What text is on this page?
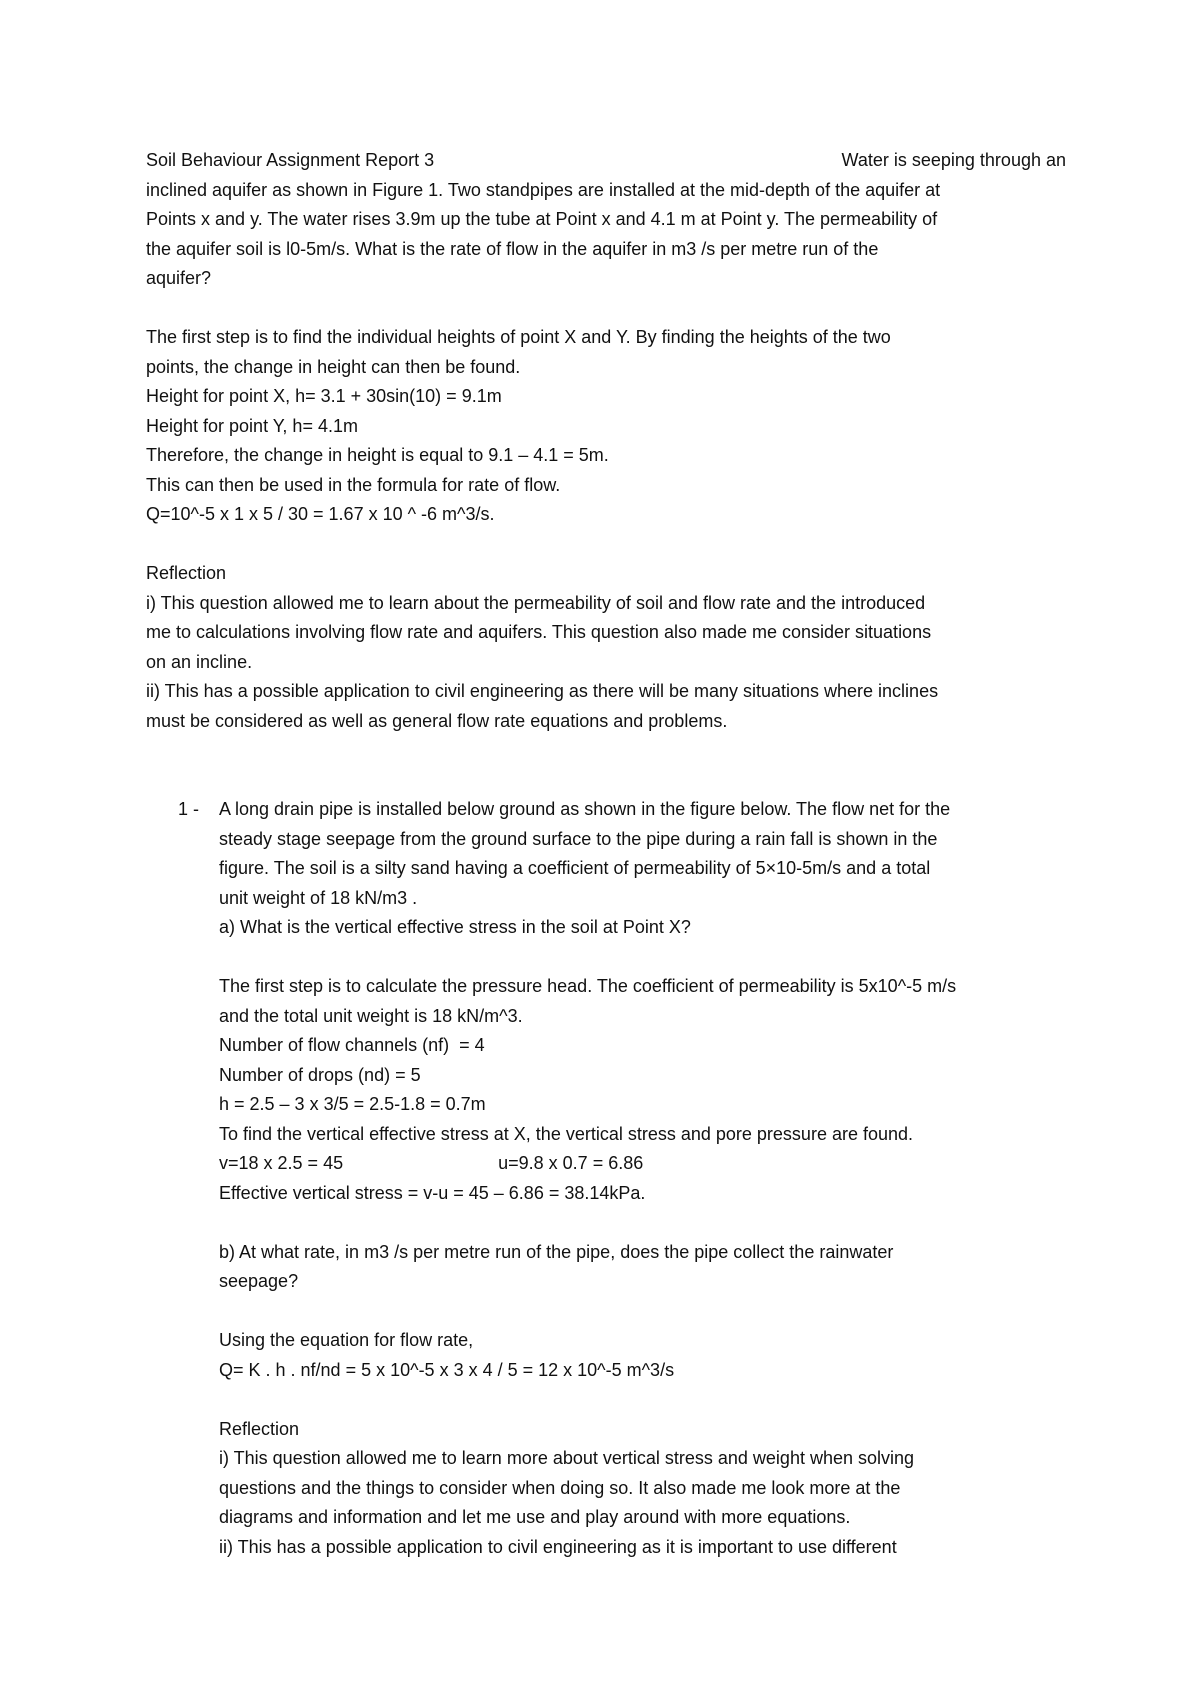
Soil Behaviour Assignment Report 3	Water is seeping through an
inclined aquifer as shown in Figure 1. Two standpipes are installed at the mid-depth of the aquifer at
Points x and y. The water rises 3.9m up the tube at Point x and 4.1 m at Point y. The permeability of
the aquifer soil is l0-5m/s. What is the rate of flow in the aquifer in m3 /s per metre run of the
aquifer?
The first step is to find the individual heights of point X and Y. By finding the heights of the two
points, the change in height can then be found.
Height for point X, h= 3.1 + 30sin(10) = 9.1m
Height for point Y, h= 4.1m
Therefore, the change in height is equal to 9.1 – 4.1 = 5m.
This can then be used in the formula for rate of flow.
Q=10^-5 x 1 x 5 / 30 = 1.67 x 10 ^ -6 m^3/s.
Reflection
i) This question allowed me to learn about the permeability of soil and flow rate and the introduced
me to calculations involving flow rate and aquifers. This question also made me consider situations
on an incline.
ii) This has a possible application to civil engineering as there will be many situations where inclines
must be considered as well as general flow rate equations and problems.
1 - A long drain pipe is installed below ground as shown in the figure below. The flow net for the
steady stage seepage from the ground surface to the pipe during a rain fall is shown in the
figure. The soil is a silty sand having a coefficient of permeability of 5×10-5m/s and a total
unit weight of 18 kN/m3 .
a) What is the vertical effective stress in the soil at Point X?
The first step is to calculate the pressure head. The coefficient of permeability is 5x10^-5 m/s
and the total unit weight is 18 kN/m^3.
Number of flow channels (nf)  = 4
Number of drops (nd) = 5
h = 2.5 – 3 x 3/5 = 2.5-1.8 = 0.7m
To find the vertical effective stress at X, the vertical stress and pore pressure are found.
v=18 x 2.5 = 45                               u=9.8 x 0.7 = 6.86
Effective vertical stress = v-u = 45 – 6.86 = 38.14kPa.
b) At what rate, in m3 /s per metre run of the pipe, does the pipe collect the rainwater
seepage?
Using the equation for flow rate,
Q= K . h . nf/nd = 5 x 10^-5 x 3 x 4 / 5 = 12 x 10^-5 m^3/s
Reflection
i) This question allowed me to learn more about vertical stress and weight when solving
questions and the things to consider when doing so. It also made me look more at the
diagrams and information and let me use and play around with more equations.
ii) This has a possible application to civil engineering as it is important to use different
